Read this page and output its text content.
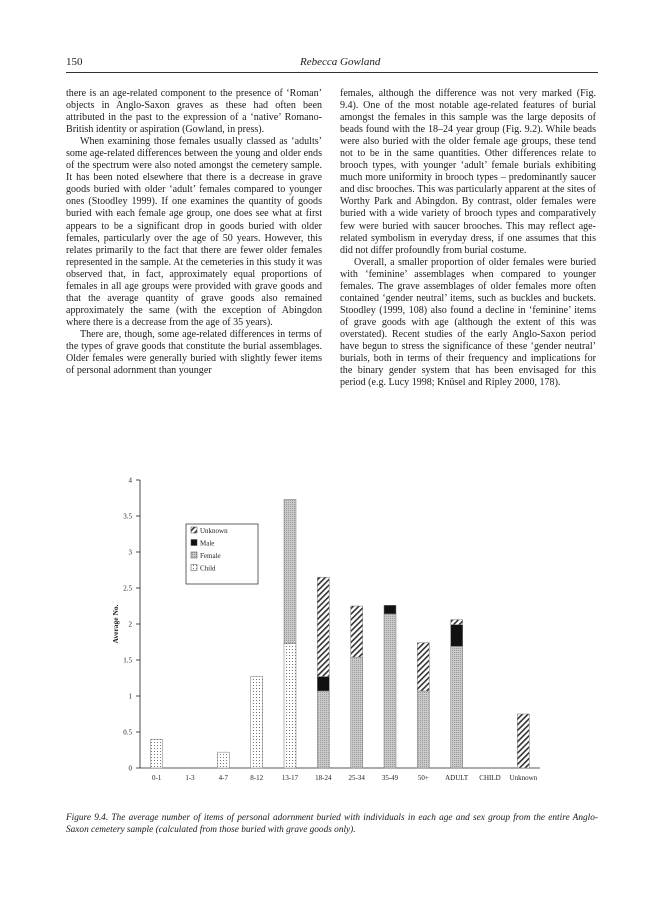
150	Rebecca Gowland

there is an age-related component to the presence of ‘Roman’ objects in Anglo-Saxon graves as these had often been attributed in the past to the expression of a ‘native’ Romano-British identity or aspiration (Gowland, in press).

When examining those females usually classed as ‘adults’ some age-related differences between the young and older ends of the spectrum were also noted amongst the cemetery sample. It has been noted elsewhere that there is a decrease in grave goods buried with older ‘adult’ females compared to younger ones (Stoodley 1999). If one examines the quantity of goods buried with each female age group, one does see what at first appears to be a significant drop in goods buried with older females, particularly over the age of 50 years. However, this relates primarily to the fact that there are fewer older females represented in the sample. At the cemeteries in this study it was observed that, in fact, approximately equal proportions of females in all age groups were provided with grave goods and that the average quantity of grave goods also remained approximately the same (with the exception of Abingdon where there is a decrease from the age of 35 years).

There are, though, some age-related differences in terms of the types of grave goods that constitute the burial assemblages. Older females were generally buried with slightly fewer items of personal adornment than younger

females, although the difference was not very marked (Fig. 9.4). One of the most notable age-related features of burial amongst the females in this sample was the large deposits of beads found with the 18–24 year group (Fig. 9.2). While beads were also buried with the older female age groups, these tend not to be in the same quantities. Other differences relate to brooch types, with younger ‘adult’ female burials exhibiting much more uniformity in brooch types – predominantly saucer and disc brooches. This was particularly apparent at the sites of Worthy Park and Abingdon. By contrast, older females were buried with a wide variety of brooch types and comparatively few were buried with saucer brooches. This may reflect age-related symbolism in everyday dress, if one assumes that this did not differ profoundly from burial costume.

Overall, a smaller proportion of older females were buried with ‘feminine’ assemblages when compared to younger females. The grave assemblages of older females more often contained ‘gender neutral’ items, such as buckles and buckets. Stoodley (1999, 108) also found a decline in ‘feminine’ items of grave goods with age (although the extent of this was overstated). Recent studies of the early Anglo-Saxon period have begun to stress the significance of these ‘gender neutral’ burials, both in terms of their frequency and implications for the binary gender system that has been envisaged for this period (e.g. Lucy 1998; Knüsel and Ripley 2000, 178).

0
0.5
1
1.5
2
2.5
3
3.5
4
Average No.
0-1	1-3	4-7	8-12	13-17 18-24 25-34 35-49	50+ ADULT CHILD Unknown
Unknown
Male
Female
Child
Figure 9.4. The average number of items of personal adornment buried with individuals in each age and sex group from the entire Anglo-Saxon cemetery sample (calculated from those buried with grave goods only).
